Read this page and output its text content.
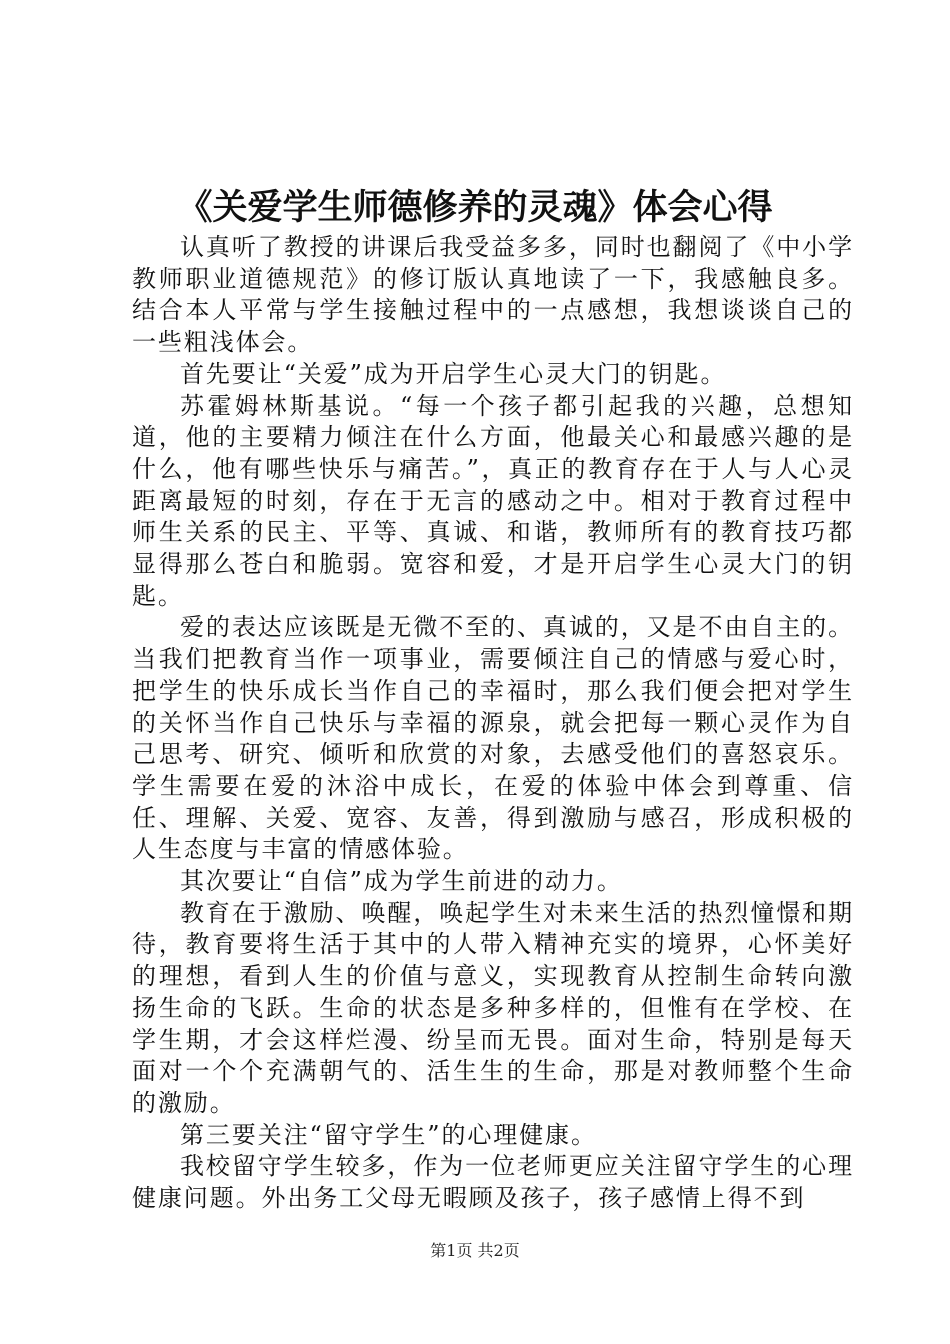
《关爱学生师德修养的灵魂》体会心得

认真听了教授的讲课后我受益多多，同时也翻阅了《中小学教师职业道德规范》的修订版认真地读了一下，我感触良多。结合本人平常与学生接触过程中的一点感想，我想谈谈自己的一些粗浅体会。

首先要让“关爱”成为开启学生心灵大门的钥匙。

苏霍姆林斯基说。“每一个孩子都引起我的兴趣，总想知道，他的主要精力倾注在什么方面，他最关心和最感兴趣的是什么，他有哪些快乐与痛苦。”，真正的教育存在于人与人心灵距离最短的时刻，存在于无言的感动之中。相对于教育过程中师生关系的民主、平等、真诚、和谐，教师所有的教育技巧都显得那么苍白和脆弱。宽容和爱，才是开启学生心灵大门的钥匙。

爱的表达应该既是无微不至的、真诚的，又是不由自主的。当我们把教育当作一项事业，需要倾注自己的情感与爱心时，把学生的快乐成长当作自己的幸福时，那么我们便会把对学生的关怀当作自己快乐与幸福的源泉，就会把每一颗心灵作为自己思考、研究、倾听和欣赏的对象，去感受他们的喜怒哀乐。学生需要在爱的沐浴中成长，在爱的体验中体会到尊重、信任、理解、关爱、宽容、友善，得到激励与感召，形成积极的人生态度与丰富的情感体验。

其次要让“自信”成为学生前进的动力。

教育在于激励、唤醒，唤起学生对未来生活的热烈憧憬和期待，教育要将生活于其中的人带入精神充实的境界，心怀美好的理想，看到人生的价值与意义，实现教育从控制生命转向激扬生命的飞跃。生命的状态是多种多样的，但惟有在学校、在学生期，才会这样烂漫、纷呈而无畏。面对生命，特别是每天面对一个个充满朝气的、活生生的生命，那是对教师整个生命的激励。

第三要关注“留守学生”的心理健康。

我校留守学生较多，作为一位老师更应关注留守学生的心理健康问题。外出务工父母无暇顾及孩子，孩子感情上得不到

第1页 共2页
